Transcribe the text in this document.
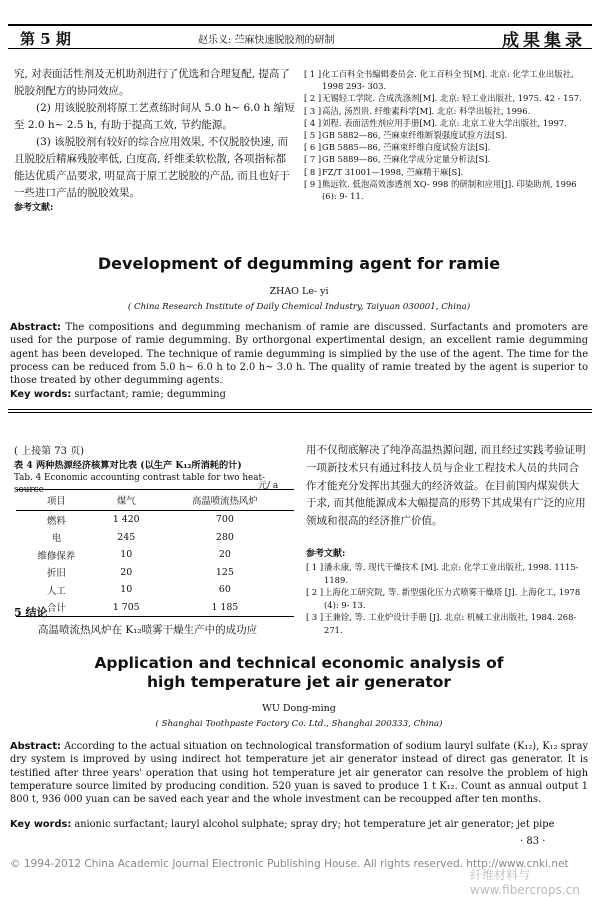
第 5 期	赵乐义: 苎麻快速脱胶剂的研制	成果集录

究, 对表面活性剂及无机助剂进行了优选和合理复配, 提高了脱胶剂配方的协同效应。

(2) 用该脱胶剂将原工艺煮练时间从 5.0 h~ 6.0 h 缩短至 2.0 h~ 2.5 h, 有助于提高工效, 节约能源。

(3) 该脱胶剂有较好的综合应用效果, 不仅脱胶快速, 而且脱胶后精麻残胶率低, 白度高, 纤维柔软松散, 各项指标都能达优质产品要求, 明显高于原工艺脱胶的产品, 而且也好于一些进口产品的脱胶效果。

参考文献:

[ 1 ] 化工百科全书编辑委员会. 化工百科全书[M]. 北京: 化学工业出版社, 1998 293- 303.
[ 2 ] 无锡轻工学院. 合成洗涤剂[M]. 北京: 轻工业出版社, 1975. 42 - 157.
[ 3 ] 高洁, 汤烈贵. 纤维素科学[M]. 北京: 科学出版社, 1996.
[ 4 ] 刘程. 表面活性剂应用手册[M]. 北京: 北京工业大学出版社, 1997.
[ 5 ] GB 5882—86, 苎麻束纤维断裂强度试验方法[S].
[ 6 ] GB 5885—86, 苎麻束纤维白度试验方法[S].
[ 7 ] GB 5889—86, 苎麻化学成分定量分析法[S].
[ 8 ] FZ/T 31001—1998, 苎麻精干麻[S].
[ 9 ] 熊远钦. 低泡高效渗透剂 XQ- 998 的研制和应用[J]. 印染助剂, 1996 (6): 9- 11.
Development of degumming agent for ramie
ZHAO Le- yi
( China Research Institute of Daily Chemical Industry, Taiyuan 030001, China)
Abstract: The compositions and degumming mechanism of ramie are discussed. Surfactants and promoters are used for the purpose of ramie degumming. By orthorgonal expertimental design, an excellent ramie degumming agent has been developed. The technique of ramie degumming is simplied by the use of the agent. The time for the process can be reduced from 5.0 h~ 6.0 h to 2.0 h~ 3.0 h. The quality of ramie treated by the agent is superior to those treated by other degumming agents.
Key words: surfactant; ramie; degumming
( 上接第 73 页)
表 4 两种热源经济核算对比表 (以生产 K₁₂所消耗的计)
Tab. 4 Economic accounting contrast table for two heat- source	元/ a
项目	煤气	高温喷流热风炉
燃料	1 420	700
电	245	280
维修保养	10	20
折旧	20	125
人工	10	60
合计	1 705	1 185
5 结论
高温喷流热风炉在 K₁₂喷雾干燥生产中的成功应
用不仅彻底解决了纯净高温热源问题, 而且经过实践考验证明一项新技术只有通过科技人员与企业工程技术人员的共同合作才能充分发挥出其强大的经济效益。在目前国内煤炭供大于求, 而其他能源成本大幅提高的形势下其成果有广泛的应用领域和很高的经济推广价值。
参考文献:
[ 1 ] 潘永康, 等. 现代干燥技术 [M]. 北京: 化学工业出版社, 1998. 1115- 1189.
[ 2 ] 上海化工研究院, 等. 新型强化压力式喷雾干燥塔 [J]. 上海化工, 1978 (4): 9- 13.
[ 3 ] 王兼铨, 等. 工业炉设计手册 [J]. 北京: 机械工业出版社, 1984. 268- 271.
Application and technical economic analysis of
high temperature jet air generator
WU Dong-ming
( Shanghai Toothpaste Factory Co. Ltd., Shanghai 200333, China)
Abstract: According to the actual situation on technological transformation of sodium lauryl sulfate (K₁₂), K₁₂ spray dry system is improved by using indirect hot temperature jet air generator instead of direct gas generator. It is testified after three years' operation that using hot temperature jet air generator can resolve the problem of high temperature source limited by producing condition. 520 yuan is saved to produce 1 t K₁₂. Count as annual output 1 800 t, 936 000 yuan can be saved each year and the whole investment can be recoupped after ten months.
Key words: anionic surfactant; lauryl alcohol sulphate; spray dry; hot temperature jet air generator; jet pipe
· 83 ·
© 1994-2012 China Academic Journal Electronic Publishing House. All rights reserved. http://www.cnki.net
纤维材料与 www.fibercrops.cn
